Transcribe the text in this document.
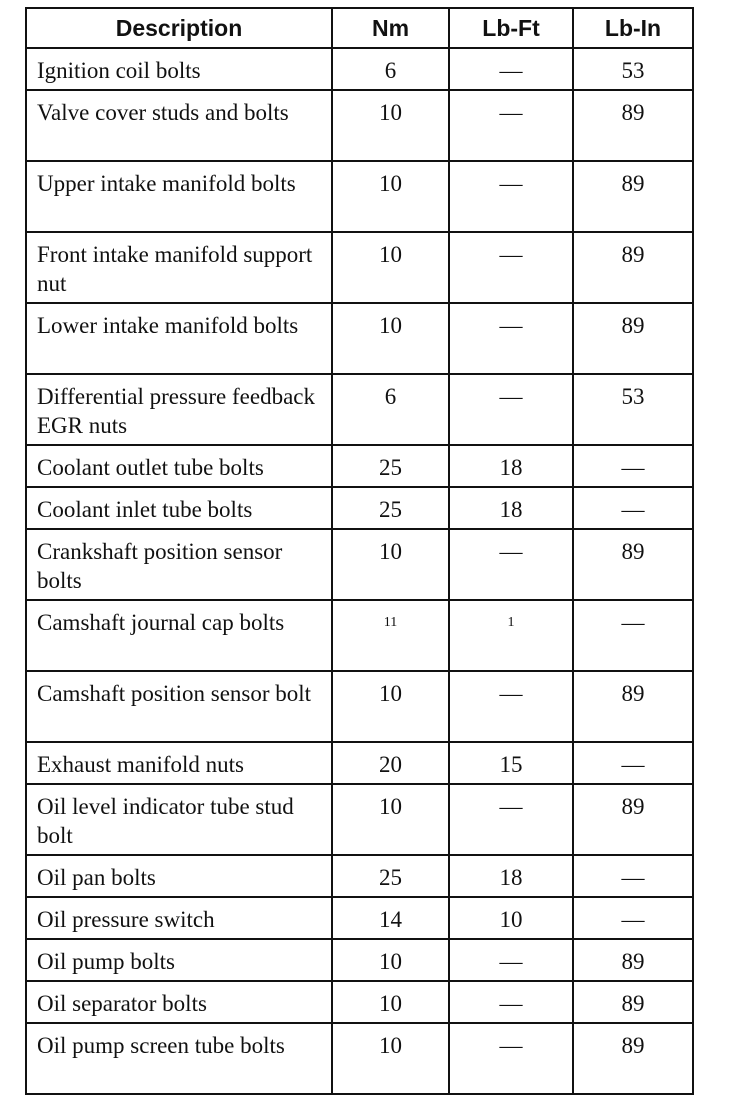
Description	Nm	Lb-Ft	Lb-In
Ignition coil bolts	6	—	53
Valve cover studs and bolts	10	—	89
Upper intake manifold bolts	10	—	89
Front intake manifold support nut	10	—	89
Lower intake manifold bolts	10	—	89
Differential pressure feedback EGR nuts	6	—	53
Coolant outlet tube bolts	25	18	—
Coolant inlet tube bolts	25	18	—
Crankshaft position sensor bolts	10	—	89
Camshaft journal cap bolts	11	1	—
Camshaft position sensor bolt	10	—	89
Exhaust manifold nuts	20	15	—
Oil level indicator tube stud bolt	10	—	89
Oil pan bolts	25	18	—
Oil pressure switch	14	10	—
Oil pump bolts	10	—	89
Oil separator bolts	10	—	89
Oil pump screen tube bolts	10	—	89
